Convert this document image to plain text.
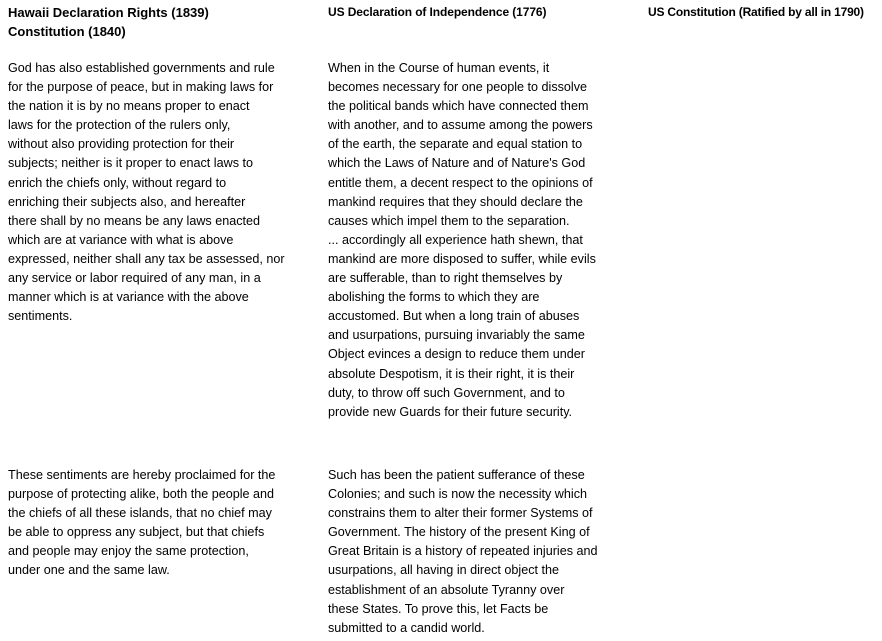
Hawaii Declaration Rights (1839)
Constitution (1840)
US Declaration of Independence (1776)	US Constitution (Ratified by all in 1790)
God has also established governments and rule
for the purpose of peace, but in making laws for
the nation it is by no means proper to enact
laws for the protection of the rulers only,
without also providing protection for their
subjects; neither is it proper to enact laws to
enrich the chiefs only, without regard to
enriching their subjects also, and hereafter
there shall by no means be any laws enacted
which are at variance with what is above
expressed, neither shall any tax be assessed, nor
any service or labor required of any man, in a
manner which is at variance with the above
sentiments.
When in the Course of human events, it
becomes necessary for one people to dissolve
the political bands which have connected them
with another, and to assume among the powers
of the earth, the separate and equal station to
which the Laws of Nature and of Nature's God
entitle them, a decent respect to the opinions of
mankind requires that they should declare the
causes which impel them to the separation.
... accordingly all experience hath shewn, that
mankind are more disposed to suffer, while evils
are sufferable, than to right themselves by
abolishing the forms to which they are
accustomed. But when a long train of abuses
and usurpations, pursuing invariably the same
Object evinces a design to reduce them under
absolute Despotism, it is their right, it is their
duty, to throw off such Government, and to
provide new Guards for their future security.
These sentiments are hereby proclaimed for the
purpose of protecting alike, both the people and
the chiefs of all these islands, that no chief may
be able to oppress any subject, but that chiefs
and people may enjoy the same protection,
under one and the same law.
Such has been the patient sufferance of these
Colonies; and such is now the necessity which
constrains them to alter their former Systems of
Government. The history of the present King of
Great Britain is a history of repeated injuries and
usurpations, all having in direct object the
establishment of an absolute Tyranny over
these States. To prove this, let Facts be
submitted to a candid world.
